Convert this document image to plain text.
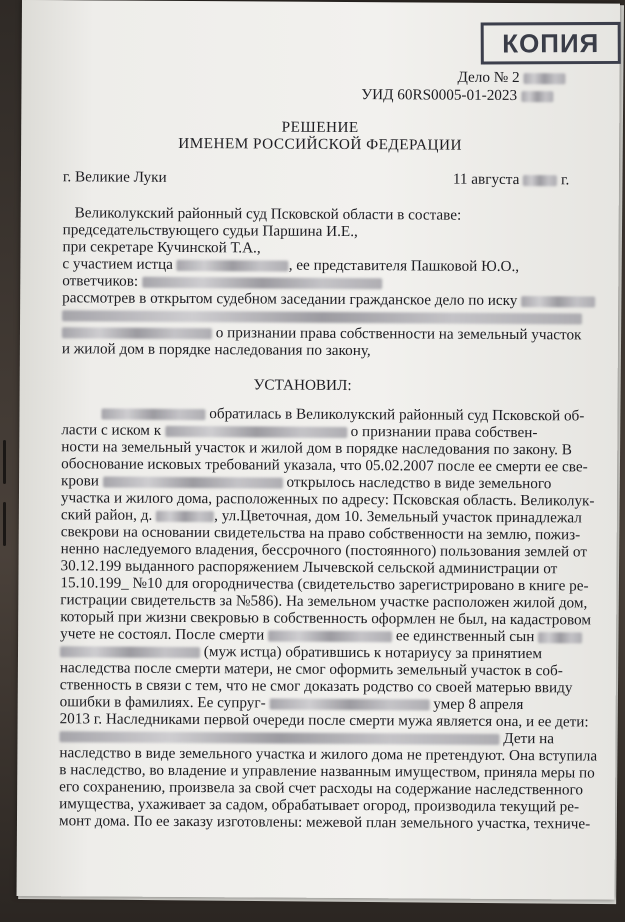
КОПИЯ
Дело № 2
УИД 60RS0005-01-2023
РЕШЕНИЕ
ИМЕНЕМ РОССИЙСКОЙ ФЕДЕРАЦИИ
г. Великие Луки	11 августа	г.
Великолукский районный суд Псковской области в составе:
председательствующего судьи Паршина И.Е.,
при секретаре Кучинской Т.А.,
с участием истца	, ее представителя Пашковой Ю.О.,
ответчиков:
рассмотрев в открытом судебном заседании гражданское дело по иску
о признании права собственности на земельный участок
и жилой дом в порядке наследования по закону,
УСТАНОВИЛ:
обратилась в Великолукский районный суд Псковской об-
ласти с иском к	о признании права собствен-
ности на земельный участок и жилой дом в порядке наследования по закону. В
обоснование исковых требований указала, что 05.02.2007 после ее смерти ее све-
крови	открылось наследство в виде земельного
участка и жилого дома, расположенных по адресу: Псковская область. Великолук-
ский район, д.	, ул.Цветочная, дом 10. Земельный участок принадлежал
свекрови на основании свидетельства на право собственности на землю, пожиз-
ненно наследуемого владения, бессрочного (постоянного) пользования землей от
30.12.199 выданного распоряжением Лычевской сельской администрации от
15.10.199_ №10 для огородничества (свидетельство зарегистрировано в книге ре-
гистрации свидетельств за №586). На земельном участке расположен жилой дом,
который при жизни свекровью в собственность оформлен не был, на кадастровом
учете не состоял. После смерти	ее единственный сын
(муж истца) обратившись к нотариусу за принятием
наследства после смерти матери, не смог оформить земельный участок в соб-
ственность в связи с тем, что не смог доказать родство со своей матерью ввиду
ошибки в фамилиях. Ее супруг-	умер 8 апреля
2013 г. Наследниками первой очереди после смерти мужа является она, и ее дети:
Дети на
наследство в виде земельного участка и жилого дома не претендуют. Она вступила
в наследство, во владение и управление названным имуществом, приняла меры по
его сохранению, произвела за свой счет расходы на содержание наследственного
имущества, ухаживает за садом, обрабатывает огород, производила текущий ре-
монт дома. По ее заказу изготовлены: межевой план земельного участка, техниче-
